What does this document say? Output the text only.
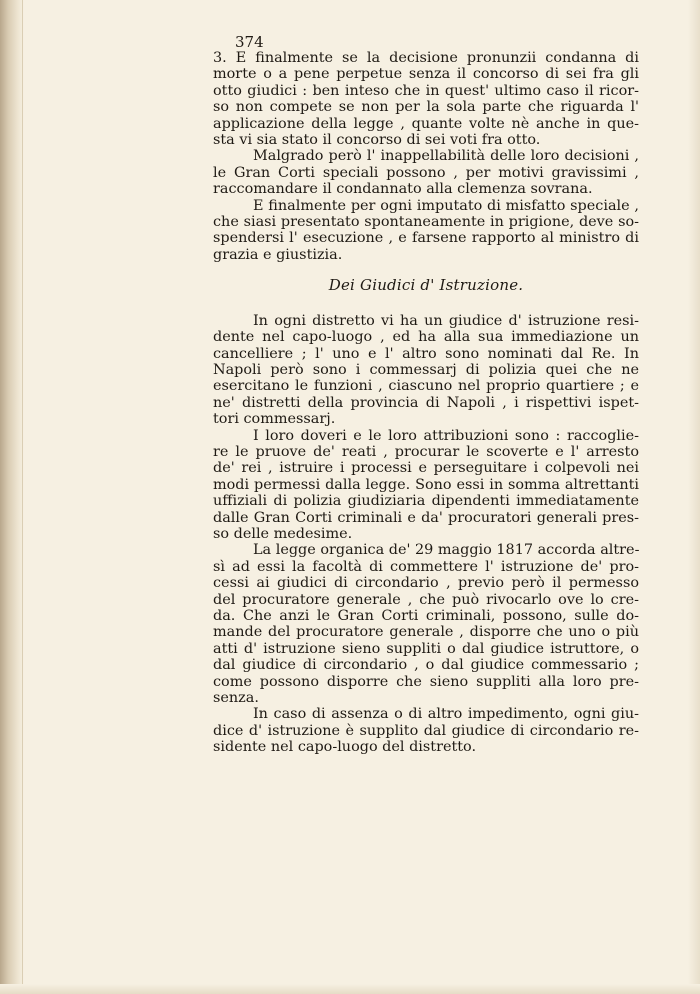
374
3. E finalmente se la decisione pronunzii condanna di
morte o a pene perpetue senza il concorso di sei fra gli
otto giudici : ben inteso che in quest' ultimo caso il ricor-
so non compete se non per la sola parte che riguarda l'
applicazione della legge , quante volte nè anche in que-
sta vi sia stato il concorso di sei voti fra otto.
Malgrado però l' inappellabilità delle loro decisioni ,
le Gran Corti speciali possono , per motivi gravissimi ,
raccomandare il condannato alla clemenza sovrana.
E finalmente per ogni imputato di misfatto speciale ,
che siasi presentato spontaneamente in prigione, deve so-
spendersi l' esecuzione , e farsene rapporto al ministro di
grazia e giustizia.
Dei Giudici d' Istruzione.
In ogni distretto vi ha un giudice d' istruzione resi-
dente nel capo-luogo , ed ha alla sua immediazione un
cancelliere ; l' uno e l' altro sono nominati dal Re. In
Napoli però sono i commessarj di polizia quei che ne
esercitano le funzioni , ciascuno nel proprio quartiere ; e
ne' distretti della provincia di Napoli , i rispettivi ispet-
tori commessarj.
I loro doveri e le loro attribuzioni sono : raccoglie-
re le pruove de' reati , procurar le scoverte e l' arresto
de' rei , istruire i processi e perseguitare i colpevoli nei
modi permessi dalla legge. Sono essi in somma altrettanti
uffiziali di polizia giudiziaria dipendenti immediatamente
dalle Gran Corti criminali e da' procuratori generali pres-
so delle medesime.
La legge organica de' 29 maggio 1817 accorda altre-
sì ad essi la facoltà di commettere l' istruzione de' pro-
cessi ai giudici di circondario , previo però il permesso
del procuratore generale , che può rivocarlo ove lo cre-
da. Che anzi le Gran Corti criminali, possono, sulle do-
mande del procuratore generale , disporre che uno o più
atti d' istruzione sieno suppliti o dal giudice istruttore, o
dal giudice di circondario , o dal giudice commessario ;
come possono disporre che sieno suppliti alla loro pre-
senza.
In caso di assenza o di altro impedimento, ogni giu-
dice d' istruzione è supplito dal giudice di circondario re-
sidente nel capo-luogo del distretto.
